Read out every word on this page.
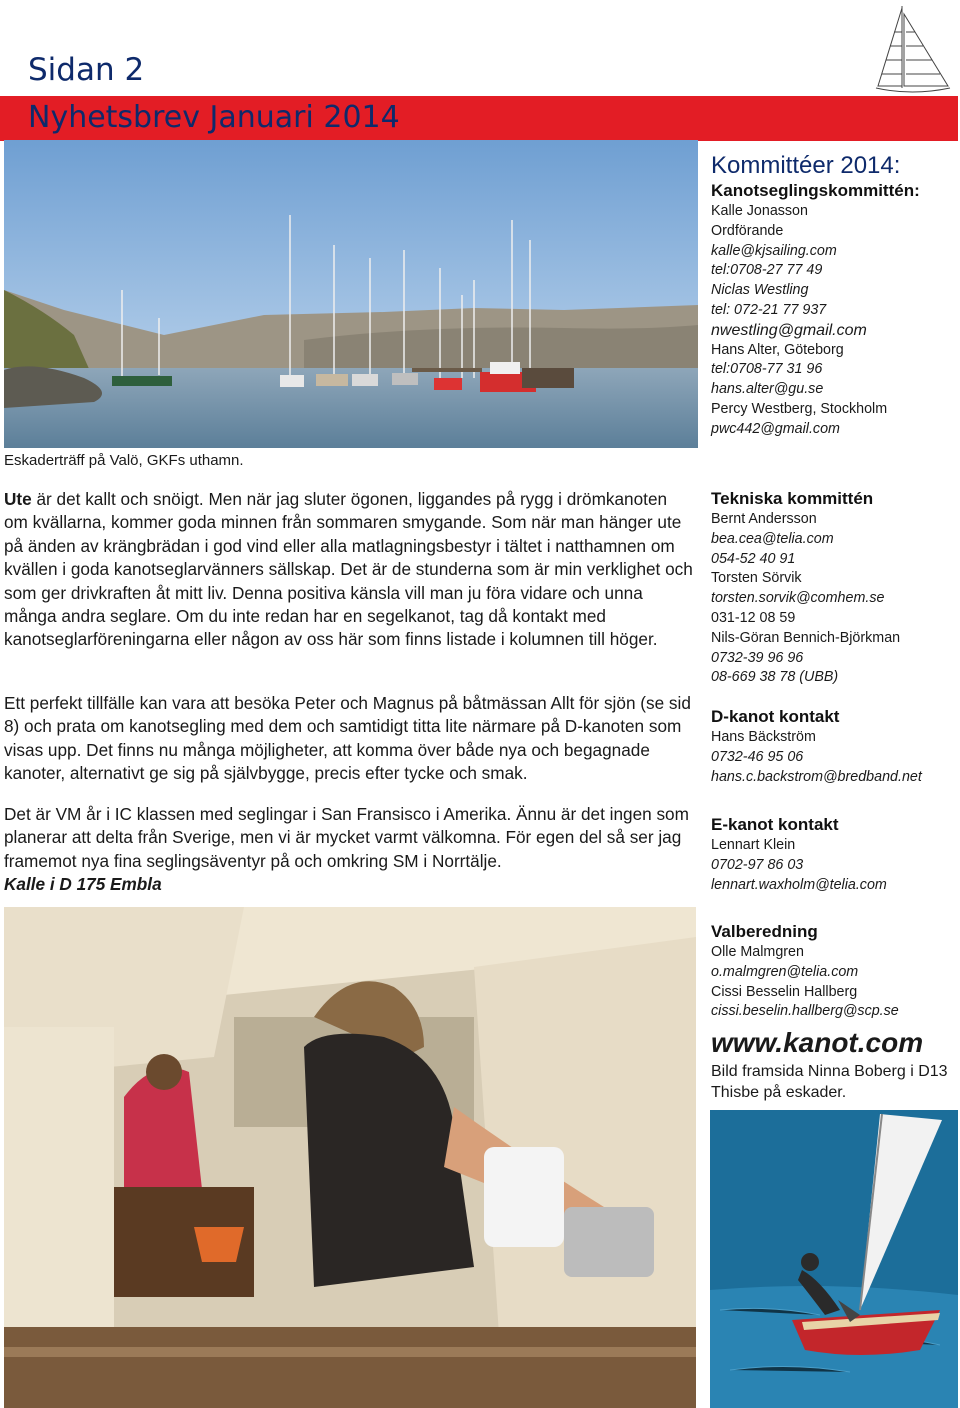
Sidan 2
Nyhetsbrev Januari 2014
Eskaderträff på Valö, GKFs uthamn.

Ute är det kallt och snöigt. Men när jag sluter ögonen, liggandes på rygg i drömkanoten om kvällarna, kommer goda minnen från sommaren smygande. Som när man hänger ute på änden av krängbrädan i god vind eller alla matlagningsbestyr i tältet i natthamnen om kvällen i goda kanotseglarvänners sällskap. Det är de stunderna som är min verklighet och som ger drivkraften åt mitt liv. Denna positiva känsla vill man ju föra vidare och unna många andra seglare. Om du inte redan har en segelkanot, tag då kontakt med kanotseglarföreningarna eller någon av oss här som finns listade i kolumnen till höger.

Ett perfekt tillfälle kan vara att besöka Peter och Magnus på båtmässan Allt för sjön (se sid 8) och prata om kanotsegling med dem och samtidigt titta lite närmare på D-kanoten som visas upp. Det finns nu många möjligheter, att komma över både nya och begagnade kanoter, alternativt ge sig på självbygge, precis efter tycke och smak.

Det är VM år i IC klassen med seglingar i San Fransisco i Amerika. Ännu är det ingen som planerar att delta från Sverige, men vi är mycket varmt välkomna. För egen del så ser jag framemot nya fina seglingsäventyr på och omkring SM i Norrtälje.

Kalle i D 175 Embla
Kommittéer 2014:
Kanotseglingskommittén:
Kalle Jonasson
Ordförande
kalle@kjsailing.com
tel:0708-27 77 49
Niclas Westling
tel: 072-21 77 937
nwestling@gmail.com
Hans Alter, Göteborg
tel:0708-77 31 96
hans.alter@gu.se
Percy Westberg, Stockholm
pwc442@gmail.com
Tekniska kommittén
Bernt Andersson
bea.cea@telia.com
054-52 40 91
Torsten Sörvik
torsten.sorvik@comhem.se
031-12 08 59
Nils-Göran Bennich-Björkman
0732-39 96 96
08-669 38 78 (UBB)
D-kanot kontakt
Hans Bäckström
0732-46 95 06
hans.c.backstrom@bredband.net
E-kanot kontakt
Lennart Klein
0702-97 86 03
lennart.waxholm@telia.com
Valberedning
Olle Malmgren
o.malmgren@telia.com
Cissi Besselin Hallberg
cissi.beselin.hallberg@scp.se
www.kanot.com
Bild framsida Ninna Boberg i D13 Thisbe på eskader.
